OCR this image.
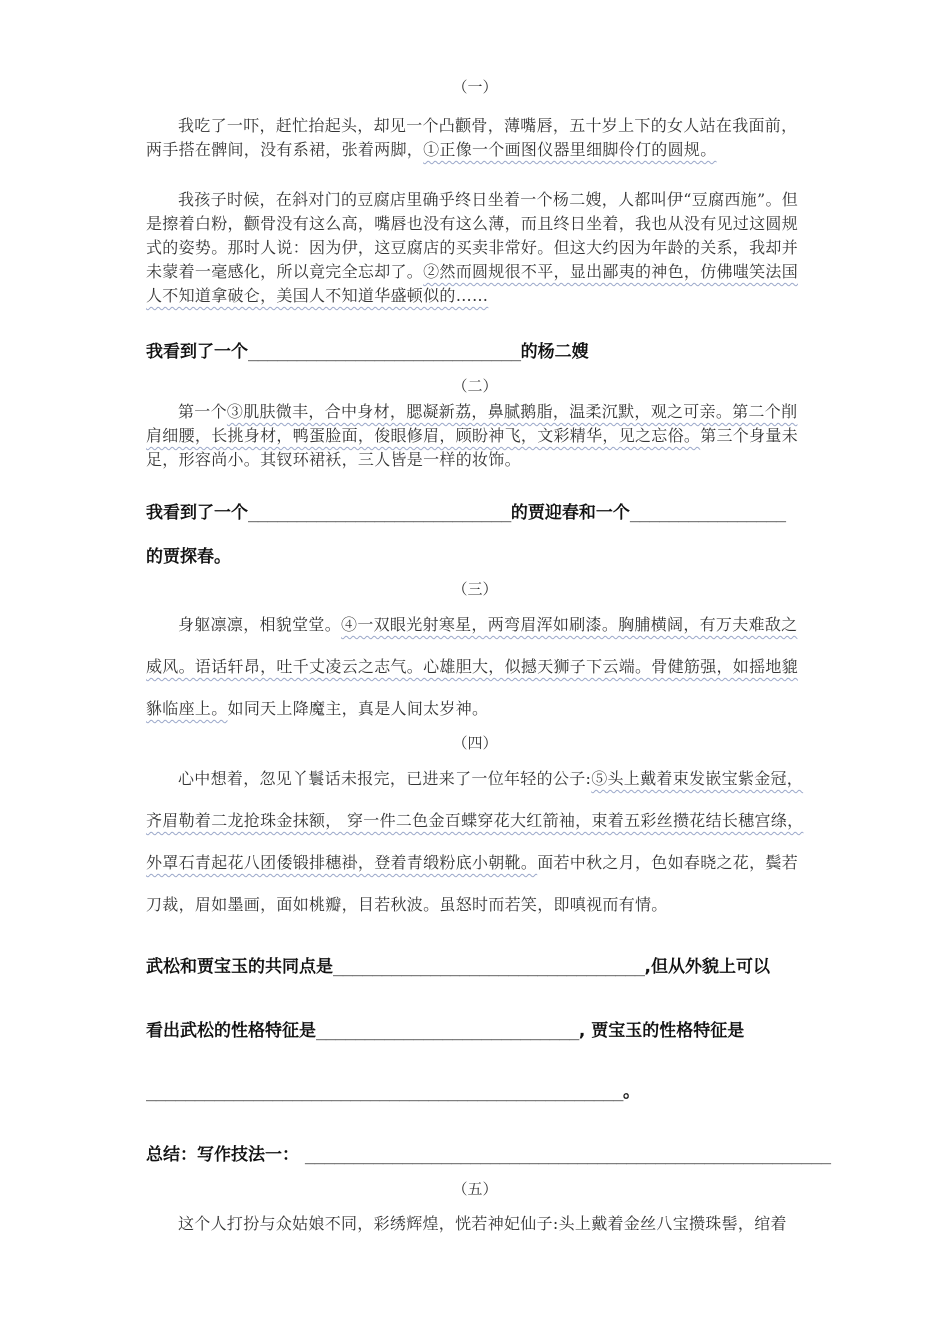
（一）

我吃了一吓，赶忙抬起头，却见一个凸颧骨，薄嘴唇，五十岁上下的女人站在我面前，两手搭在髀间，没有系裙，张着两脚，①正像一个画图仪器里细脚伶仃的圆规。

我孩子时候，在斜对门的豆腐店里确乎终日坐着一个杨二嫂，人都叫伊“豆腐西施”。但是擦着白粉，颧骨没有这么高，嘴唇也没有这么薄，而且终日坐着，我也从没有见过这圆规式的姿势。那时人说：因为伊，这豆腐店的买卖非常好。但这大约因为年龄的关系，我却并未蒙着一毫感化，所以竟完全忘却了。②然而圆规很不平，显出鄙夷的神色，仿佛嗤笑法国人不知道拿破仑，美国人不知道华盛顿似的……

我看到了一个____________________________的杨二嫂
（二）

第一个③肌肤微丰，合中身材，腮凝新荔，鼻腻鹅脂，温柔沉默，观之可亲。第二个削肩细腰，长挑身材，鸭蛋脸面，俊眼修眉，顾盼神飞，文彩精华，见之忘俗。第三个身量未足，形容尚小。其钗环裙袄，三人皆是一样的妆饰。

我看到了一个___________________________的贾迎春和一个________________
的贾探春。
（三）

身躯凛凛，相貌堂堂。④一双眼光射寒星，两弯眉浑如刷漆。胸脯横阔，有万夫难敌之威风。语话轩昂，吐千丈凌云之志气。心雄胆大，似撼天狮子下云端。骨健筋强，如摇地貔貅临座上。如同天上降魔主，真是人间太岁神。

（四）

心中想着，忽见丫鬟话未报完，已进来了一位年轻的公子:⑤头上戴着束发嵌宝紫金冠，齐眉勒着二龙抢珠金抹额， 穿一件二色金百蝶穿花大红箭袖，束着五彩丝攒花结长穗宫绦， 外罩石青起花八团倭锻排穗褂，登着青缎粉底小朝靴。面若中秋之月，色如春晓之花，鬓若刀裁，眉如墨画，面如桃瓣，目若秋波。虽怒时而若笑，即嗔视而有情。

武松和贾宝玉的共同点是________________________________,但从外貌上可以
看出武松的性格特征是___________________________, 贾宝玉的性格特征是
_________________________________________________。
总结：写作技法一： ______________________________________________________
（五）

这个人打扮与众姑娘不同，彩绣辉煌，恍若神妃仙子:头上戴着金丝八宝攒珠髻，绾着
